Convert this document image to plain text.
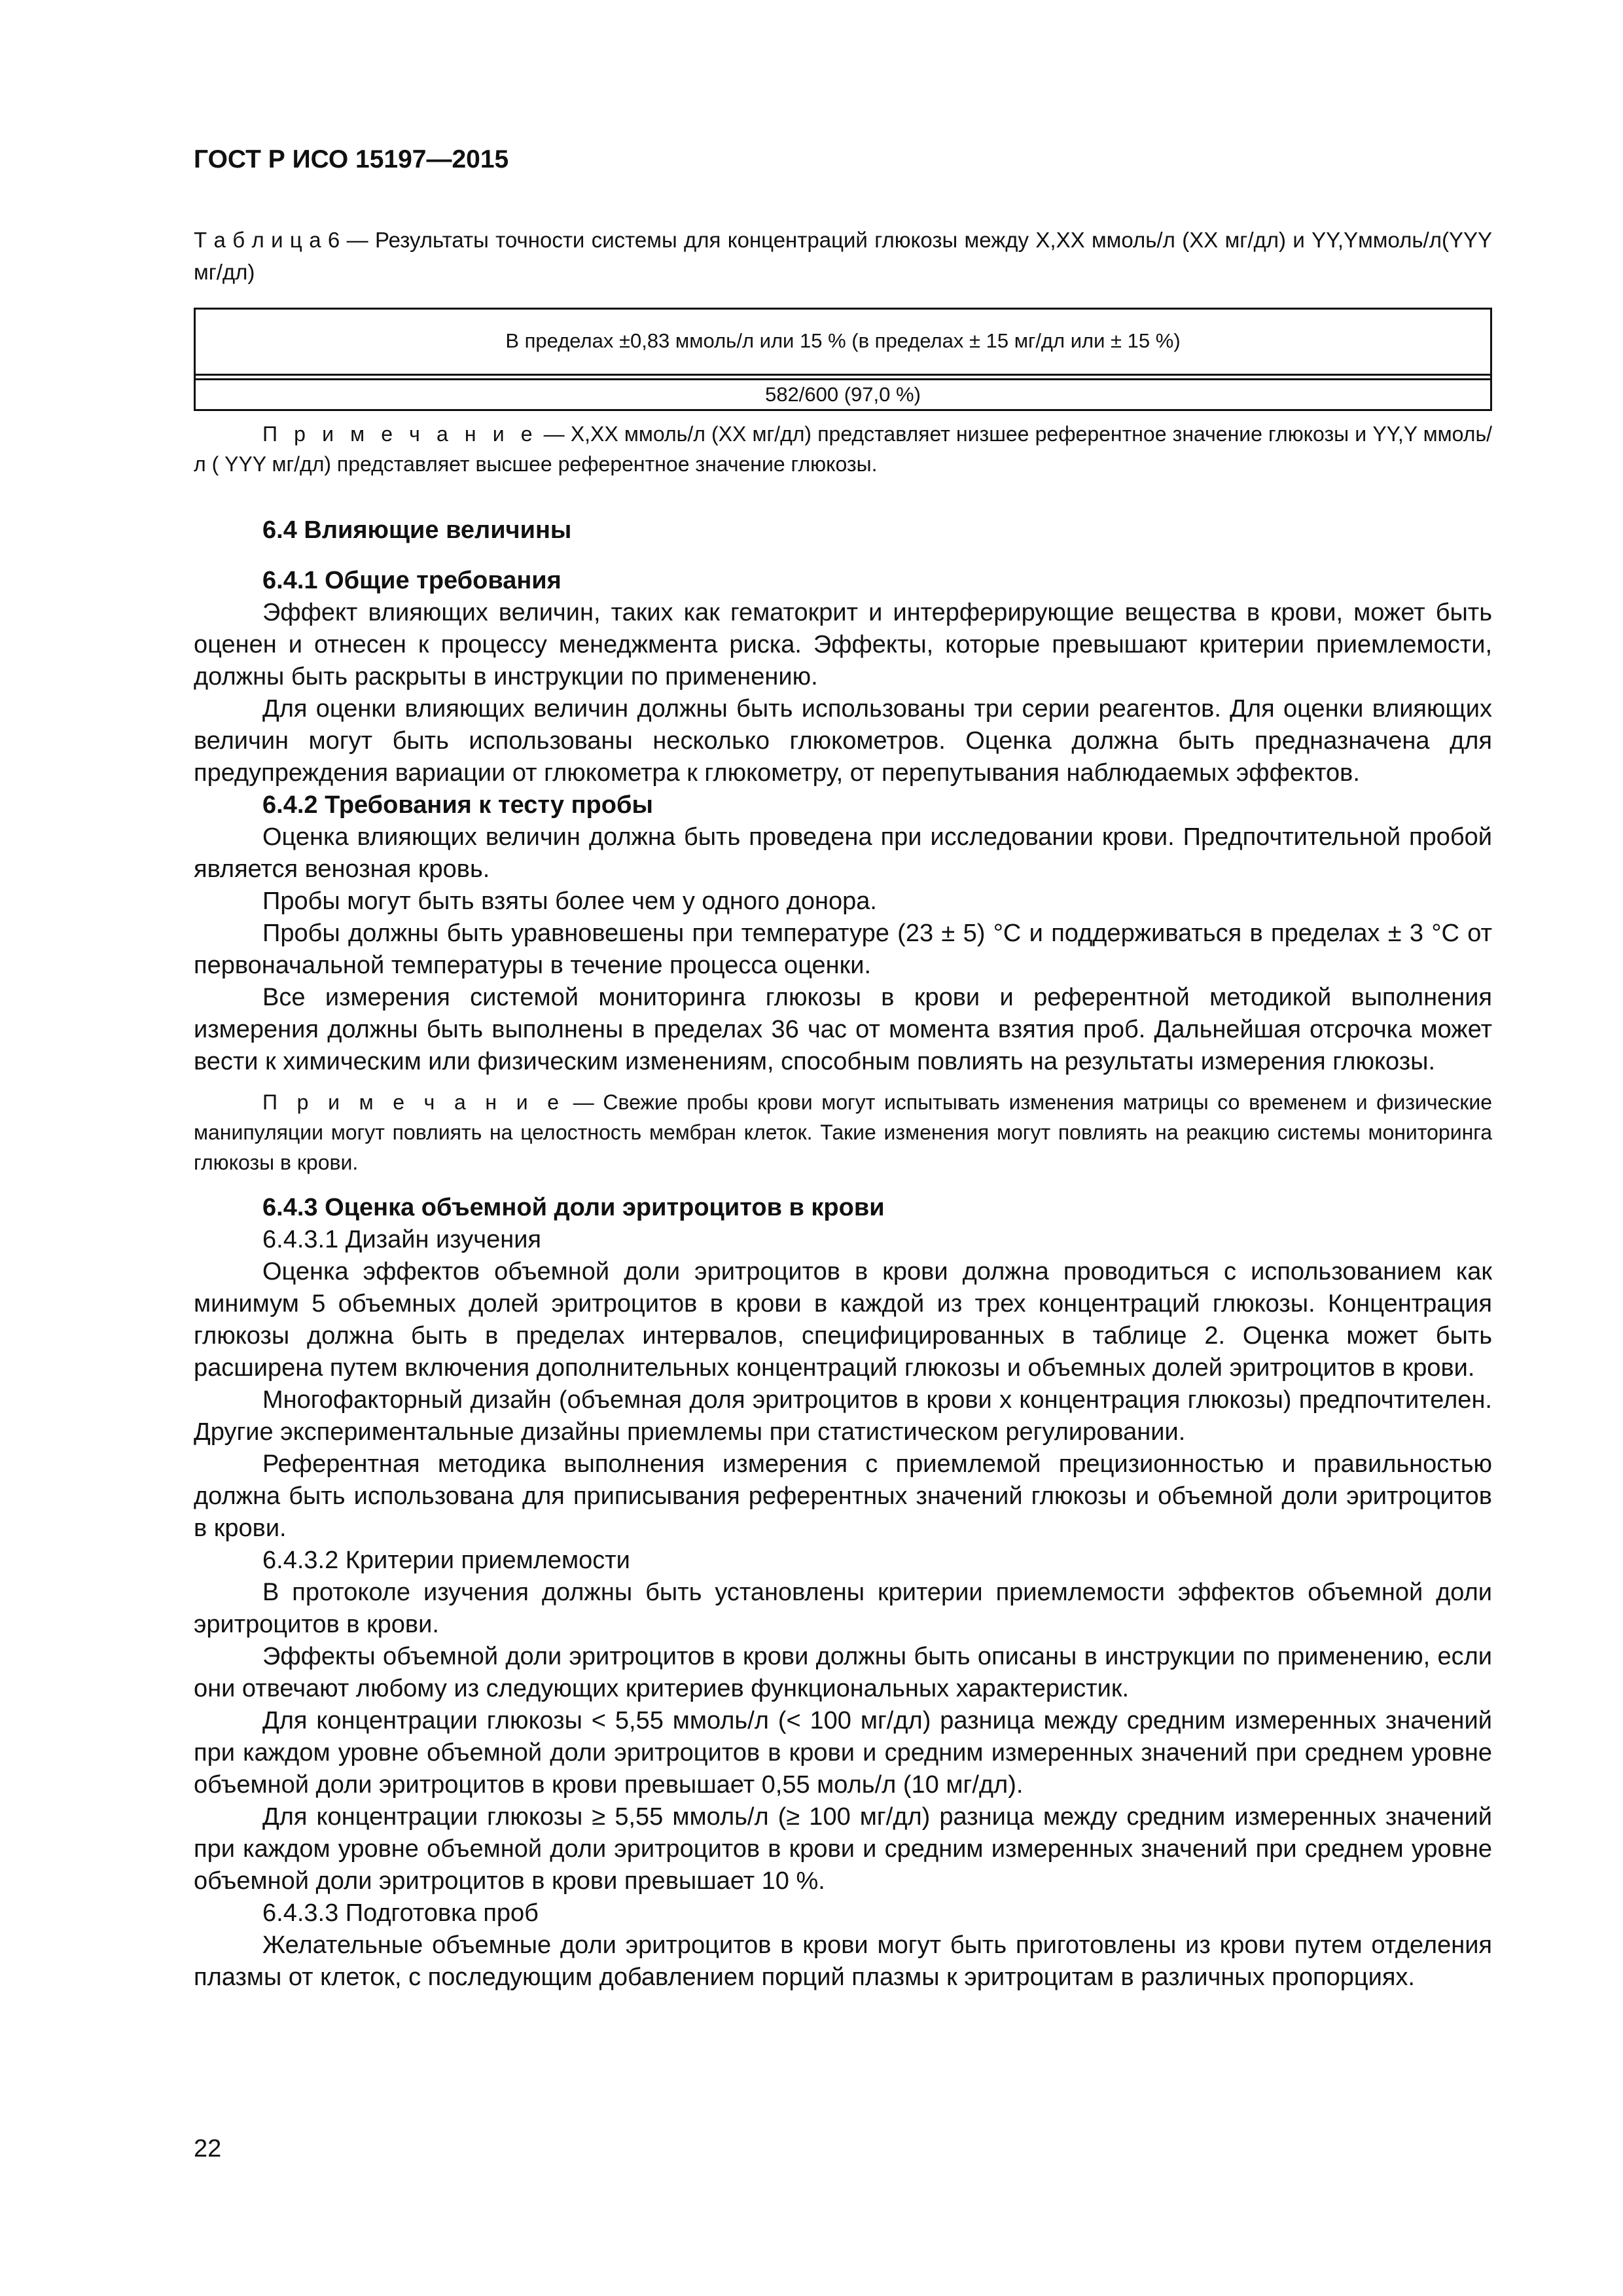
ГОСТ Р ИСО 15197—2015
Т а б л и ц а 6 — Результаты точности системы для концентраций глюкозы между X,XX ммоль/л (XX мг/дл) и YY,Yммоль/л(YYY мг/дл)
В пределах ±0,83 ммоль/л или 15 % (в пределах ± 15 мг/дл или ± 15 %)
582/600 (97,0 %)
П р и м е ч а н и е — X,XX ммоль/л (XX мг/дл) представляет низшее референтное значение глюкозы и YY,Y ммоль/л ( YYY мг/дл) представляет высшее референтное значение глюкозы.
6.4 Влияющие величины
6.4.1 Общие требования

Эффект влияющих величин, таких как гематокрит и интерферирующие вещества в крови, может быть оценен и отнесен к процессу менеджмента риска. Эффекты, которые превышают критерии приемлемости, должны быть раскрыты в инструкции по применению.

Для оценки влияющих величин должны быть использованы три серии реагентов. Для оценки влияющих величин могут быть использованы несколько глюкометров. Оценка должна быть предназначена для предупреждения вариации от глюкометра к глюкометру, от перепутывания наблюдаемых эффектов.

6.4.2 Требования к тесту пробы

Оценка влияющих величин должна быть проведена при исследовании крови. Предпочтительной пробой является венозная кровь.

Пробы могут быть взяты более чем у одного донора.

Пробы должны быть уравновешены при температуре (23 ± 5) °С и поддерживаться в пределах ± 3 °С от первоначальной температуры в течение процесса оценки.

Все измерения системой мониторинга глюкозы в крови и референтной методикой выполнения измерения должны быть выполнены в пределах 36 час от момента взятия проб. Дальнейшая отсрочка может вести к химическим или физическим изменениям, способным повлиять на результаты измерения глюкозы.

П р и м е ч а н и е — Свежие пробы крови могут испытывать изменения матрицы со временем и физические манипуляции могут повлиять на целостность мембран клеток. Такие изменения могут повлиять на реакцию системы мониторинга глюкозы в крови.
6.4.3 Оценка объемной доли эритроцитов в крови
6.4.3.1 Дизайн изучения

Оценка эффектов объемной доли эритроцитов в крови должна проводиться с использованием как минимум 5 объемных долей эритроцитов в крови в каждой из трех концентраций глюкозы. Концентрация глюкозы должна быть в пределах интервалов, специфицированных в таблице 2. Оценка может быть расширена путем включения дополнительных концентраций глюкозы и объемных долей эритроцитов в крови.

Многофакторный дизайн (объемная доля эритроцитов в крови х концентрация глюкозы) предпочтителен. Другие экспериментальные дизайны приемлемы при статистическом регулировании.

Референтная методика выполнения измерения с приемлемой прецизионностью и правильностью должна быть использована для приписывания референтных значений глюкозы и объемной доли эритроцитов в крови.

6.4.3.2 Критерии приемлемости

В протоколе изучения должны быть установлены критерии приемлемости эффектов объемной доли эритроцитов в крови.

Эффекты объемной доли эритроцитов в крови должны быть описаны в инструкции по применению, если они отвечают любому из следующих критериев функциональных характеристик.

Для концентрации глюкозы < 5,55 ммоль/л (< 100 мг/дл) разница между средним измеренных значений при каждом уровне объемной доли эритроцитов в крови и средним измеренных значений при среднем уровне объемной доли эритроцитов в крови превышает 0,55 моль/л (10 мг/дл).

Для концентрации глюкозы ≥ 5,55 ммоль/л (≥ 100 мг/дл) разница между средним измеренных значений при каждом уровне объемной доли эритроцитов в крови и средним измеренных значений при среднем уровне объемной доли эритроцитов в крови превышает 10 %.

6.4.3.3 Подготовка проб

Желательные объемные доли эритроцитов в крови могут быть приготовлены из крови путем отделения плазмы от клеток, с последующим добавлением порций плазмы к эритроцитам в различных пропорциях.

22
